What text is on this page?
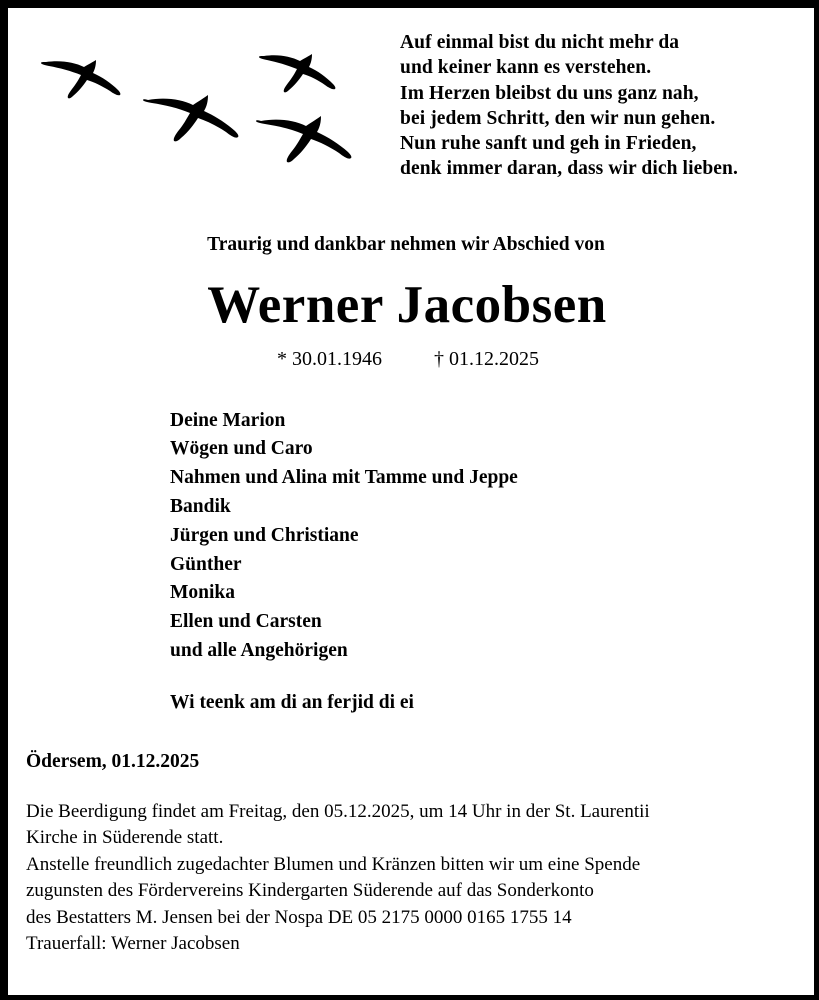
Auf einmal bist du nicht mehr da
und keiner kann es verstehen.
Im Herzen bleibst du uns ganz nah,
bei jedem Schritt, den wir nun gehen.
Nun ruhe sanft und geh in Frieden,
denk immer daran, dass wir dich lieben.
Traurig und dankbar nehmen wir Abschied von
Werner Jacobsen
* 30.01.1946	† 01.12.2025
Deine Marion
Wögen und Caro
Nahmen und Alina mit Tamme und Jeppe
Bandik
Jürgen und Christiane
Günther
Monika
Ellen und Carsten
und alle Angehörigen
Wi teenk am di an ferjid di ei
Ödersem, 01.12.2025
Die Beerdigung findet am Freitag, den 05.12.2025, um 14 Uhr in der St. Laurentii
Kirche in Süderende statt.
Anstelle freundlich zugedachter Blumen und Kränzen bitten wir um eine Spende
zugunsten des Fördervereins Kindergarten Süderende auf das Sonderkonto
des Bestatters M. Jensen bei der Nospa DE 05 2175 0000 0165 1755 14
Trauerfall: Werner Jacobsen
